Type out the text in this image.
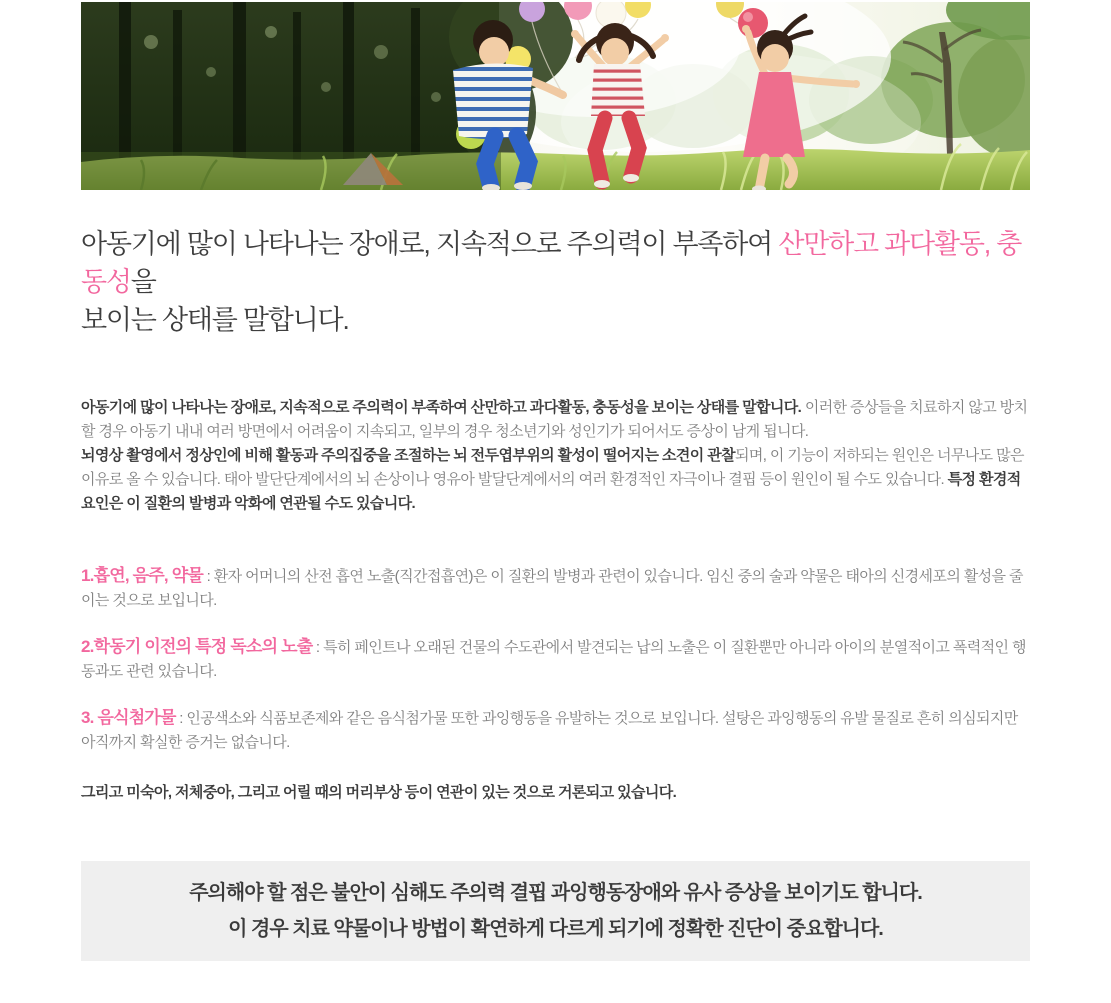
아동기에 많이 나타나는 장애로, 지속적으로 주의력이 부족하여 산만하고 과다활동, 충동성을
보이는 상태를 말합니다.

아동기에 많이 나타나는 장애로, 지속적으로 주의력이 부족하여 산만하고 과다활동, 충동성을 보이는 상태를 말합니다. 이러한 증상들을 치료하지 않고 방치할 경우 아동기 내내 여러 방면에서 어려움이 지속되고, 일부의 경우 청소년기와 성인기가 되어서도 증상이 남게 됩니다.

뇌영상 촬영에서 정상인에 비해 활동과 주의집중을 조절하는 뇌 전두엽부위의 활성이 떨어지는 소견이 관찰되며, 이 기능이 저하되는 원인은 너무나도 많은 이유로 올 수 있습니다. 태아 발단단계에서의 뇌 손상이나 영유아 발달단계에서의 여러 환경적인 자극이나 결핍 등이 원인이 될 수도 있습니다. 특정 환경적 요인은 이 질환의 발병과 악화에 연관될 수도 있습니다.

1.흡연, 음주, 약물 : 환자 어머니의 산전 흡연 노출(직간접흡연)은 이 질환의 발병과 관련이 있습니다. 임신 중의 술과 약물은 태아의 신경세포의 활성을 줄이는 것으로 보입니다.

2.학동기 이전의 특정 독소의 노출 : 특히 페인트나 오래된 건물의 수도관에서 발견되는 납의 노출은 이 질환뿐만 아니라 아이의 분열적이고 폭력적인 행동과도 관련 있습니다.

3. 음식첨가물 : 인공색소와 식품보존제와 같은 음식첨가물 또한 과잉행동을 유발하는 것으로 보입니다. 설탕은 과잉행동의 유발 물질로 흔히 의심되지만 아직까지 확실한 증거는 없습니다.

그리고 미숙아, 저체중아, 그리고 어릴 때의 머리부상 등이 연관이 있는 것으로 거론되고 있습니다.

주의해야 할 점은 불안이 심해도 주의력 결핍 과잉행동장애와 유사 증상을 보이기도 합니다.

이 경우 치료 약물이나 방법이 확연하게 다르게 되기에 정확한 진단이 중요합니다.
